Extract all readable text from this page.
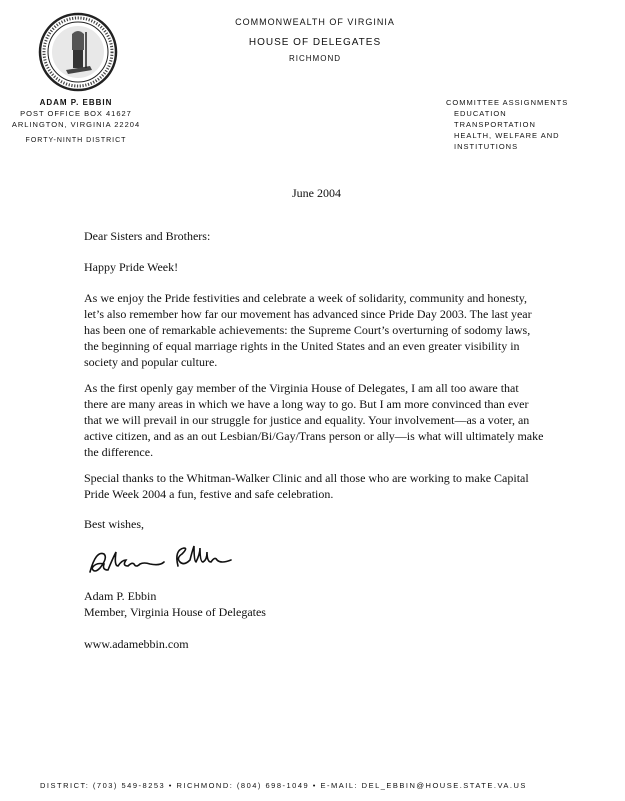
COMMONWEALTH OF VIRGINIA
HOUSE OF DELEGATES
RICHMOND
ADAM P. EBBIN
POST OFFICE BOX 41627
ARLINGTON, VIRGINIA 22204
FORTY-NINTH DISTRICT
COMMITTEE ASSIGNMENTS
EDUCATION
TRANSPORTATION
HEALTH, WELFARE AND INSTITUTIONS
June 2004
Dear Sisters and Brothers:
Happy Pride Week!
As we enjoy the Pride festivities and celebrate a week of solidarity, community and honesty, let’s also remember how far our movement has advanced since Pride Day 2003. The last year has been one of remarkable achievements: the Supreme Court’s overturning of sodomy laws, the beginning of equal marriage rights in the United States and an even greater visibility in society and popular culture.
As the first openly gay member of the Virginia House of Delegates, I am all too aware that there are many areas in which we have a long way to go. But I am more convinced than ever that we will prevail in our struggle for justice and equality. Your involvement—as a voter, an active citizen, and as an out Lesbian/Bi/Gay/Trans person or ally—is what will ultimately make the difference.
Special thanks to the Whitman-Walker Clinic and all those who are working to make Capital Pride Week 2004 a fun, festive and safe celebration.
Best wishes,
Adam P. Ebbin
Member, Virginia House of Delegates
www.adamebbin.com
DISTRICT: (703) 549-8253 • RICHMOND: (804) 698-1049 • E-MAIL: DEL_EBBIN@HOUSE.STATE.VA.US
